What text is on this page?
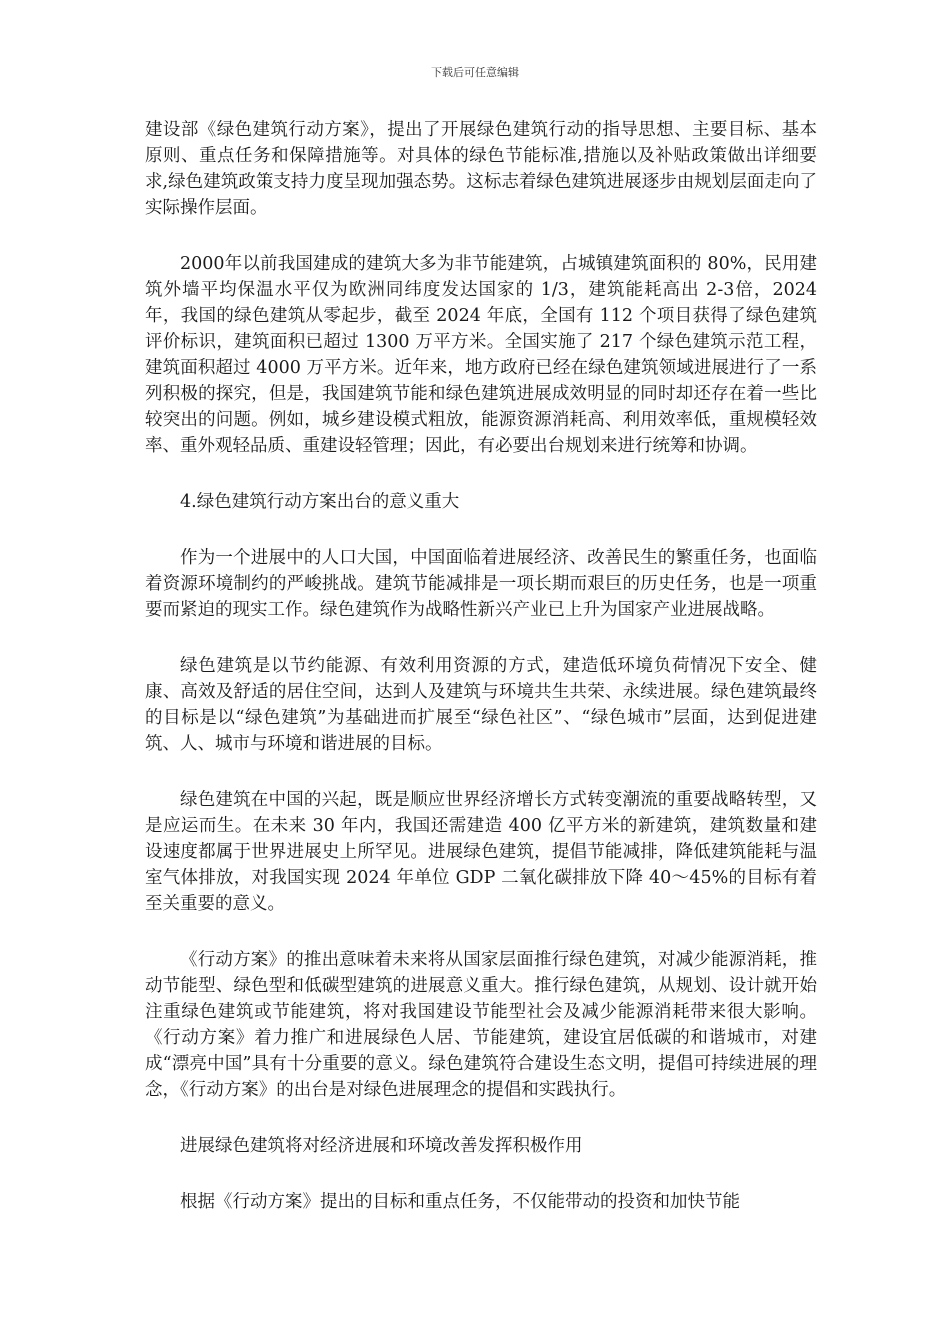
下载后可任意编辑

建设部《绿色建筑行动方案》，提出了开展绿色建筑行动的指导思想、主要目标、基本原则、重点任务和保障措施等。对具体的绿色节能标准,措施以及补贴政策做出详细要求,绿色建筑政策支持力度呈现加强态势。这标志着绿色建筑进展逐步由规划层面走向了实际操作层面。

2000年以前我国建成的建筑大多为非节能建筑，占城镇建筑面积的 80%，民用建筑外墙平均保温水平仅为欧洲同纬度发达国家的 1/3，建筑能耗高出 2-3倍，2024 年，我国的绿色建筑从零起步，截至 2024 年底，全国有 112 个项目获得了绿色建筑评价标识，建筑面积已超过 1300 万平方米。全国实施了 217 个绿色建筑示范工程，建筑面积超过 4000 万平方米。近年来，地方政府已经在绿色建筑领域进展进行了一系列积极的探究，但是，我国建筑节能和绿色建筑进展成效明显的同时却还存在着一些比较突出的问题。例如，城乡建设模式粗放，能源资源消耗高、利用效率低，重规模轻效率、重外观轻品质、重建设轻管理；因此，有必要出台规划来进行统筹和协调。

4.绿色建筑行动方案出台的意义重大

作为一个进展中的人口大国，中国面临着进展经济、改善民生的繁重任务，也面临着资源环境制约的严峻挑战。建筑节能减排是一项长期而艰巨的历史任务，也是一项重要而紧迫的现实工作。绿色建筑作为战略性新兴产业已上升为国家产业进展战略。

绿色建筑是以节约能源、有效利用资源的方式，建造低环境负荷情况下安全、健康、高效及舒适的居住空间，达到人及建筑与环境共生共荣、永续进展。绿色建筑最终的目标是以“绿色建筑”为基础进而扩展至“绿色社区”、“绿色城市”层面，达到促进建筑、人、城市与环境和谐进展的目标。

绿色建筑在中国的兴起，既是顺应世界经济增长方式转变潮流的重要战略转型，又是应运而生。在未来 30 年内，我国还需建造 400 亿平方米的新建筑，建筑数量和建设速度都属于世界进展史上所罕见。进展绿色建筑，提倡节能减排，降低建筑能耗与温室气体排放，对我国实现 2024 年单位 GDP 二氧化碳排放下降 40～45%的目标有着至关重要的意义。

《行动方案》的推出意味着未来将从国家层面推行绿色建筑，对减少能源消耗，推动节能型、绿色型和低碳型建筑的进展意义重大。推行绿色建筑，从规划、设计就开始注重绿色建筑或节能建筑，将对我国建设节能型社会及减少能源消耗带来很大影响。《行动方案》着力推广和进展绿色人居、节能建筑，建设宜居低碳的和谐城市，对建成“漂亮中国”具有十分重要的意义。绿色建筑符合建设生态文明，提倡可持续进展的理念，《行动方案》的出台是对绿色进展理念的提倡和实践执行。

进展绿色建筑将对经济进展和环境改善发挥积极作用

根据《行动方案》提出的目标和重点任务，不仅能带动的投资和加快节能
